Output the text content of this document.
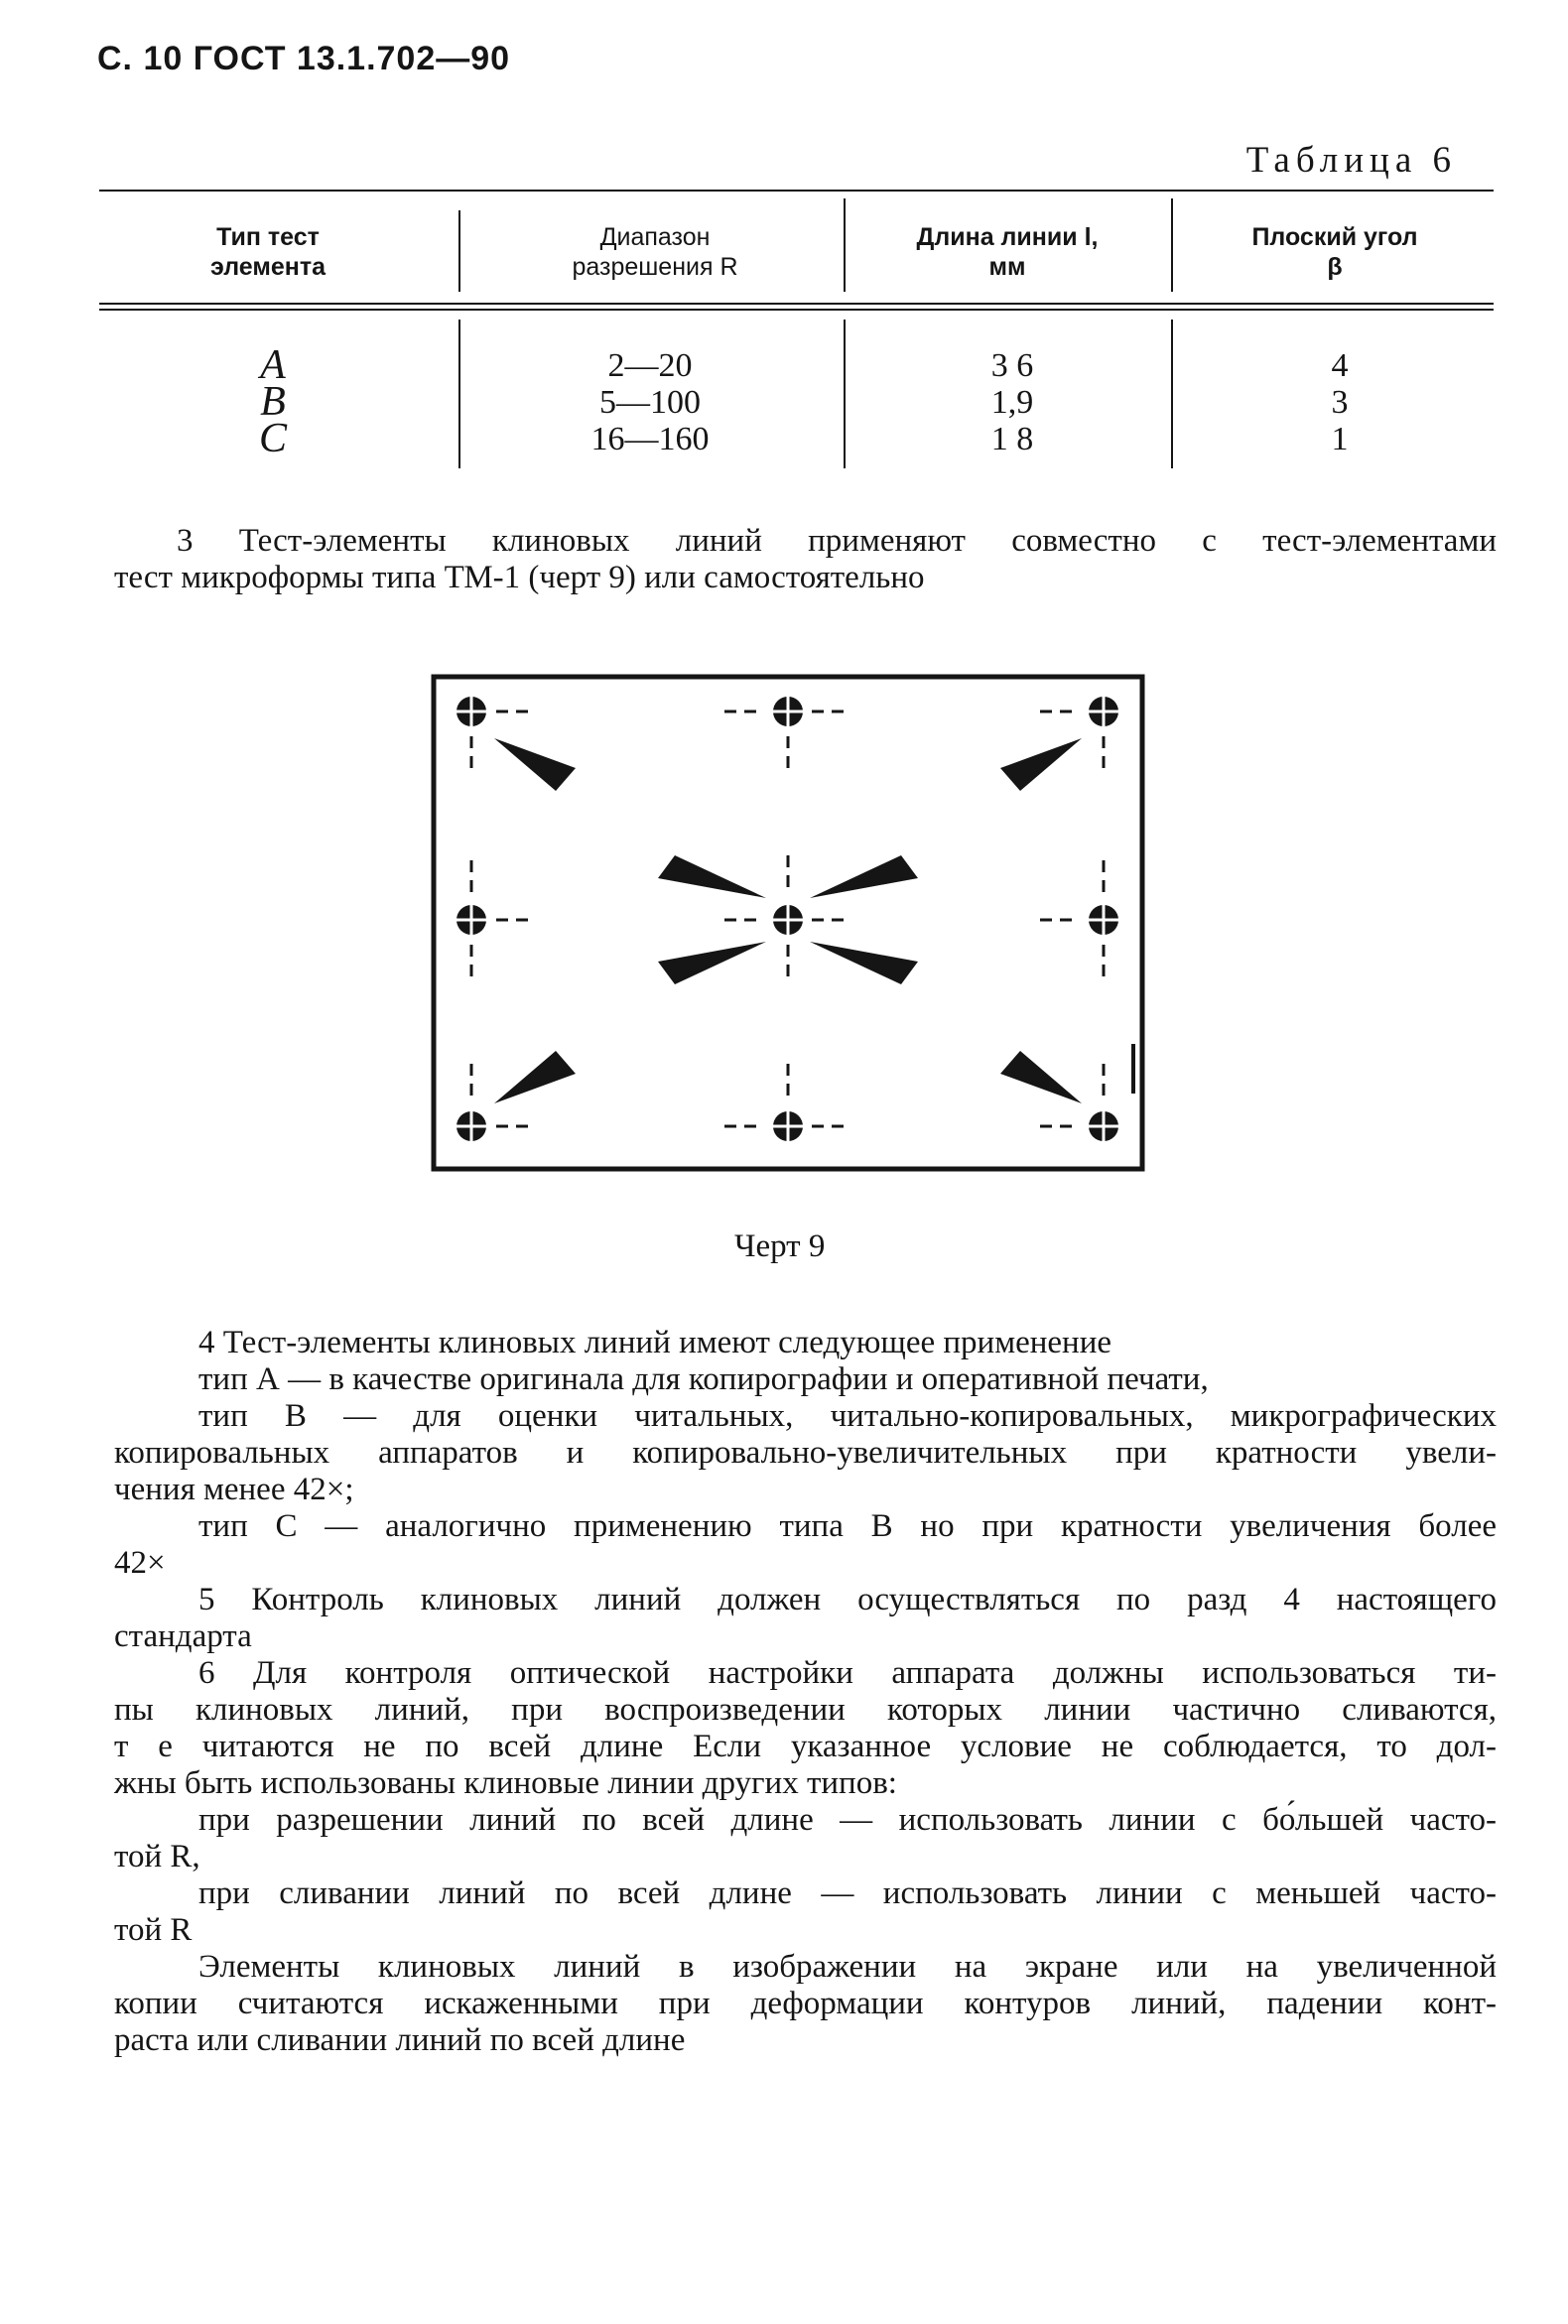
С. 10 ГОСТ 13.1.702—90
Таблица 6
Тип тест
элемента
Диапазон
разрешения R
Длина линии l,
мм
Плоский угол
β
A
B
C
2—20
5—100
16—160
3 6
1,9
1 8
4
3
1
3 Тест-элементы клиновых линий применяют совместно с тест-элементами
тест микроформы типа ТМ-1 (черт 9) или самостоятельно
Черт 9
4 Тест-элементы клиновых линий имеют следующее применение
тип А — в качестве оригинала для копирографии и оперативной печати,
тип В — для оценки читальных, читально-копировальных, микрографических
копировальных аппаратов и копировально-увеличительных при кратности увели-
чения менее 42×;
тип С — аналогично применению типа В но при кратности увеличения более
42×
5 Контроль клиновых линий должен осуществляться по разд 4 настоящего
стандарта
6 Для контроля оптической настройки аппарата должны использоваться ти-
пы клиновых линий, при воспроизведении которых линии частично сливаются,
т е читаются не по всей длине Если указанное условие не соблюдается, то дол-
жны быть использованы клиновые линии других типов:
при разрешении линий по всей длине — использовать линии с бо́льшей часто-
той R,
при сливании линий по всей длине — использовать линии с меньшей часто-
той R
Элементы клиновых линий в изображении на экране или на увеличенной
копии считаются искаженными при деформации контуров линий, падении конт-
раста или сливании линий по всей длине
